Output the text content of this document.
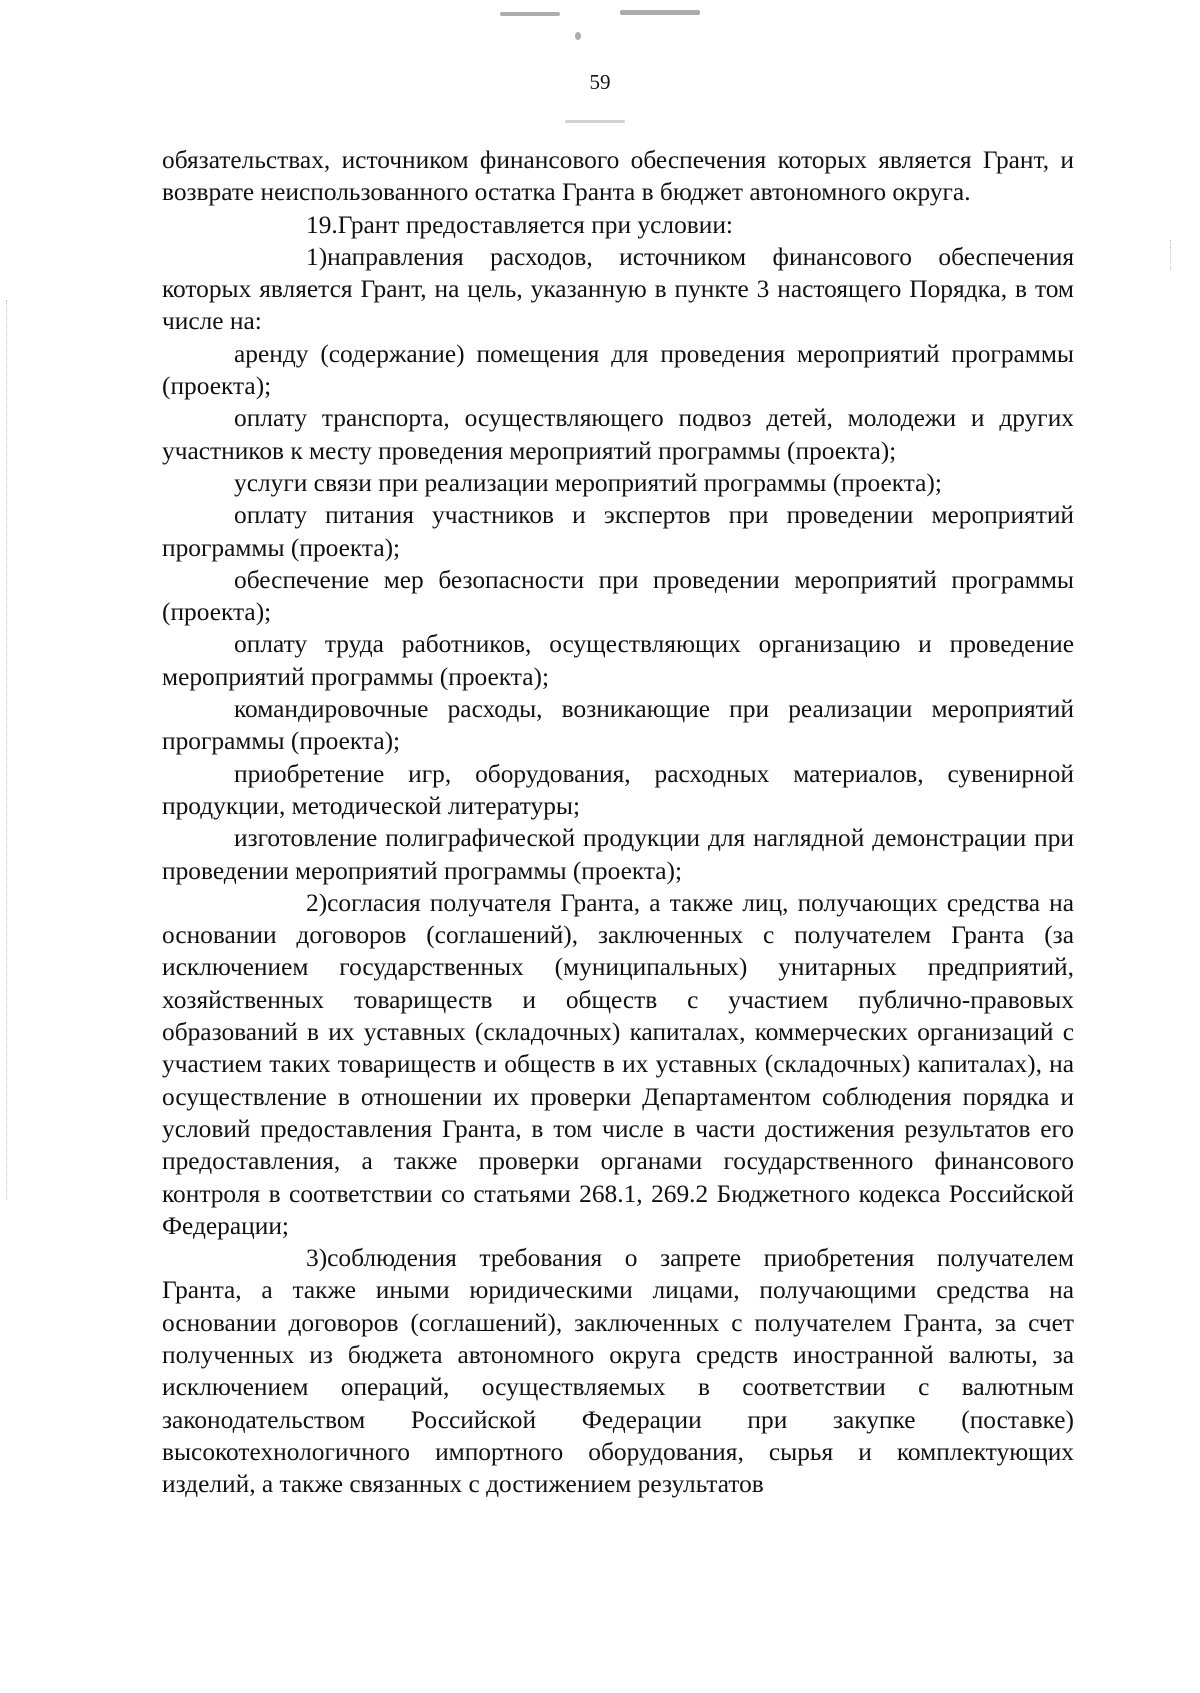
59

обязательствах, источником финансового обеспечения которых является Грант, и возврате неиспользованного остатка Гранта в бюджет автономного округа.

19.Грант предоставляется при условии:

1)направления расходов, источником финансового обеспечения которых является Грант, на цель, указанную в пункте 3 настоящего Порядка, в том числе на:

аренду (содержание) помещения для проведения мероприятий программы (проекта);

оплату транспорта, осуществляющего подвоз детей, молодежи и других участников к месту проведения мероприятий программы (проекта);

услуги связи при реализации мероприятий программы (проекта);

оплату питания участников и экспертов при проведении мероприятий программы (проекта);

обеспечение мер безопасности при проведении мероприятий программы (проекта);

оплату труда работников, осуществляющих организацию и проведение мероприятий программы (проекта);

командировочные расходы, возникающие при реализации мероприятий программы (проекта);

приобретение игр, оборудования, расходных материалов, сувенирной продукции, методической литературы;

изготовление полиграфической продукции для наглядной демонстрации при проведении мероприятий программы (проекта);

2)согласия получателя Гранта, а также лиц, получающих средства на основании договоров (соглашений), заключенных с получателем Гранта (за исключением государственных (муниципальных) унитарных предприятий, хозяйственных товариществ и обществ с участием публично-правовых образований в их уставных (складочных) капиталах, коммерческих организаций с участием таких товариществ и обществ в их уставных (складочных) капиталах), на осуществление в отношении их проверки Департаментом соблюдения порядка и условий предоставления Гранта, в том числе в части достижения результатов его предоставления, а также проверки органами государственного финансового контроля в соответствии со статьями 268.1, 269.2 Бюджетного кодекса Российской Федерации;

3)соблюдения требования о запрете приобретения получателем Гранта, а также иными юридическими лицами, получающими средства на основании договоров (соглашений), заключенных с получателем Гранта, за счет полученных из бюджета автономного округа средств иностранной валюты, за исключением операций, осуществляемых в соответствии с валютным законодательством Российской Федерации при закупке (поставке) высокотехнологичного импортного оборудования, сырья и комплектующих изделий, а также связанных с достижением результатов
